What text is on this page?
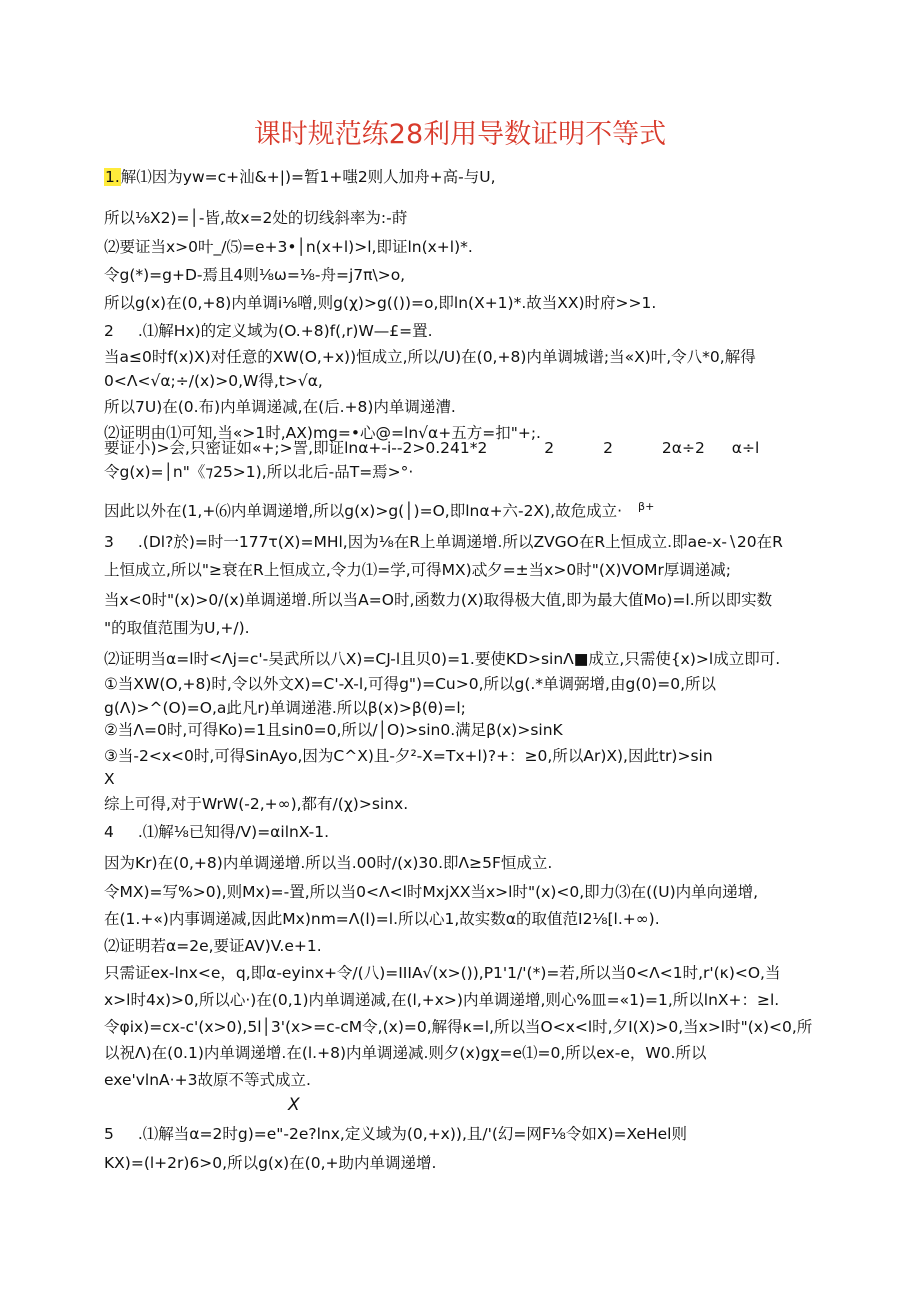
课时规范练28利用导数证明不等式
1.解⑴因为yw=c+汕&+|)=暂1+嗤2则人加舟+高-与U,
所以⅛X2)=│-皆,故x=2处的切线斜率为:-莳
⑵要证当x>0叶_/⑸=e+3•│n(x+l)>l,即证ln(x+l)*.
令g(*)=g+D-焉且4则⅛ω=⅛-舟=j7π\>o,
所以g(x)在(0,+8)内单调i⅛噌,则g(χ)>g(())=o,即ln(X+1)*.故当XX)时府>>1.
2 .⑴解Hx)的定义域为(O.+8)f(,r)W—£=置.
当a≤0时f(x)X)对任意的XW(O,+x))恒成立,所以/U)在(0,+8)内单调城谱;当«X)叶,令八*0,解得
0<Λ<√α;÷/(x)>0,W得,t>√α,
所以7U)在(0.布)内单调递减,在(后.+8)内单调递漕.
⑵证明由⑴可知,当«>1时,AX)mg=•心@=ln√α+五方=扣"+;.
要证小)>会,只密证如«+;>詈,即证lnα+-i--2>0.241*2	2	2	2α÷2 α÷l
令g(x)=│n"《⁊25>1),所以北后-品T=焉>°·
因此以外在(1,+⑹内单调递增,所以g(x)>g(│)=O,即lnα+六-2X),故危成立· $^{\beta+}$
3 .(Dl?於)=时一177τ(X)=MHl,因为⅛在R上单调递增.所以ZVGO在R上恒成立.即ae-x-∖20在R
上恒成立,所以"≥衰在R上恒成立,令力⑴=学,可得MX)忒夕=±当x>0时"(X)VOMr厚调递减;
当x<0时"(x)>0/(x)单调递增.所以当A=O时,函数力(X)取得极大值,即为最大值Mo)=l.所以即实数
"的取值范围为U,+/).
⑵证明当α=l时<Λj=c'-吴武所以八X)=CJ-l且贝0)=1.要使KD>sinΛ■成立,只需使{x)>l成立即可.
①当XW(O,+8)时,令以外文X)=C'-X-l,可得g")=Cu>0,所以g(.*单调弼增,由g(0)=0,所以
g(Λ)>^(O)=O,a此凡r)单调递港.所以β(x)>β(θ)=l;
②当Λ=0时,可得Ko)=1且sin0=0,所以/│O)>sin0.满足β(x)>sinK
③当-2<x<0时,可得SinAyo,因为C^X)且-夕²-X=Tx+l)?+：≥0,所以Ar)X),因此tr)>sin
X
综上可得,对于WrW(-2,+∞),都有/(χ)>sinx.
4 .⑴解⅛已知得/V)=αilnX-1.
因为Kr)在(0,+8)内单调递增.所以当.00时/(x)30.即Λ≥5F恒成立.
令MX)=写%>0),则Mx)=-置,所以当0<Λ<l时MxjXX当x>l时"(x)<0,即力⑶在((U)内单向递增,
在(1.+«)内事调递减,因此Mx)nm=Λ(l)=l.所以心1,故实数α的取值范I2⅛[l.+∞).
⑵证明若α=2e,要证AV)V.e+1.
只需证ex-lnx<e，q,即α-eyinx+令/(八)=IIIA√(x>()),P1'1/'(*)=若,所以当0<Λ<1时,r'(κ)<O,当
x>l时4x)>0,所以心·)在(0,1)内单调递减,在(l,+x>)内单调递增,则心%皿=«1)=1,所以lnX+：≥l.
令φix)=cx-c'(x>0),5l│3'(x>=c-cM令,(x)=0,解得κ=l,所以当O<x<l时,夕I(X)>0,当x>l时"(x)<0,所
以祝Λ)在(0.1)内单调递增.在(l.+8)内单调递减.则夕(x)gχ=e⑴=0,所以ex-e，W0.所以
exe'vlnA·+3故原不等式成立.
X
5 .⑴解当α=2时g)=e"-2e?lnx,定义域为(0,+x)),且/'(幻=网F⅛令如X)=XeHel则
KX)=(l+2r)6>0,所以g(x)在(0,+助内单调递增.
